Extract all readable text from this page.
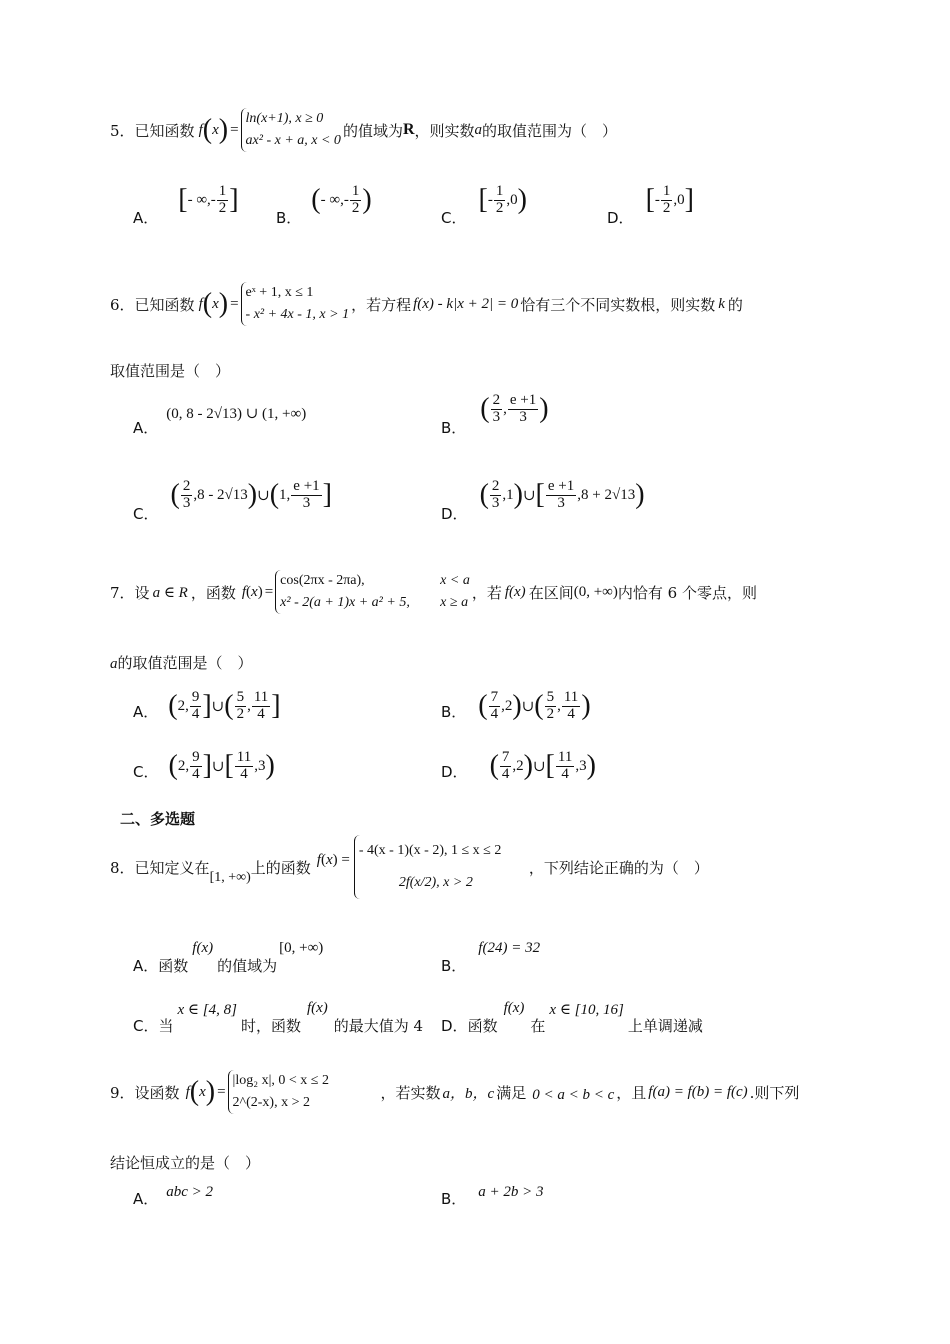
5． 已知函数 f ( x ) =
ln(x+1), x ≥ 0
ax² - x + a, x < 0
的值域为 R ，则实数 a 的取值范围为（　）
A．
[ - ∞,- $\frac{1}{2}$ ]
B．
( - ∞,- $\frac{1}{2}$ )
C．
[ - $\frac{1}{2} ,0$ )
D．
[ - $\frac{1}{2} ,0$ ]
6． 已知函数 f ( x ) =
eˣ + 1, x ≤ 1
- x² + 4x - 1, x > 1
，若方程 f(x) - k|x + 2| = 0 恰有三个不同实数根，则实数 k 的
取值范围是（　）
A．
(0, 8 - 2√13) ∪ (1, +∞)
B．
( $\frac{2}{3}$ , $\frac{e +1}{3}$ )
C．
( $\frac{2}{3} ,8 - 2√13$ ) ∪ ( 1, $\frac{e +1}{3}$ ]
D．
( $\frac{2}{3} ,1$ ) ∪ [ $\frac{e +1}{3} ,8 + 2√13$ )
7． 设 a ∈ R ，函数 f ( x ) =
cos(2πx - 2πa),	x < a
x² - 2(a + 1)x + a² + 5, x ≥ a
，若 f(x) 在区间 (0, +∞) 内恰有 6 个零点，则
a的取值范围是（　）
A． ( 2, $\frac{9}{4}$ ] ∪ ( $\frac{5}{2}$ , $\frac{11}{4}$ ]	B． ( $\frac{7}{4} ,2$ ) ∪ ( $\frac{5}{2}$ , $\frac{11}{4}$ )
C． ( 2, $\frac{9}{4}$ ] ∪ [ $\frac{11}{4} ,3$ )	D． ( $\frac{7}{4} ,2$ ) ∪ [ $\frac{11}{4} ,3$ )
二、多选题
8． 已知定义在
[1, +∞)
上的函数 f ( x ) =
- 4(x - 1)(x - 2), 1 ≤ x ≤ 2
2f(x/2), x > 2
，下列结论正确的为（　）
A． 函数
f(x)
的值域为
[0, +∞)
B．
f(24) = 32
C． 当
x ∈ [4, 8]
时，函数
f(x)
的最大值为 4 D． 函数
f(x)
在
x ∈ [10, 16]
上单调递减
9． 设函数 f ( x ) =
|log₂ x|, 0 < x ≤ 2
2^(2-x), x > 2
，若实数 a，b，c 满足 0 < a < b < c ，且 f(a) = f(b) = f(c) .则下列
结论恒成立的是（　）
A． abc > 2	B． a + 2b > 3
